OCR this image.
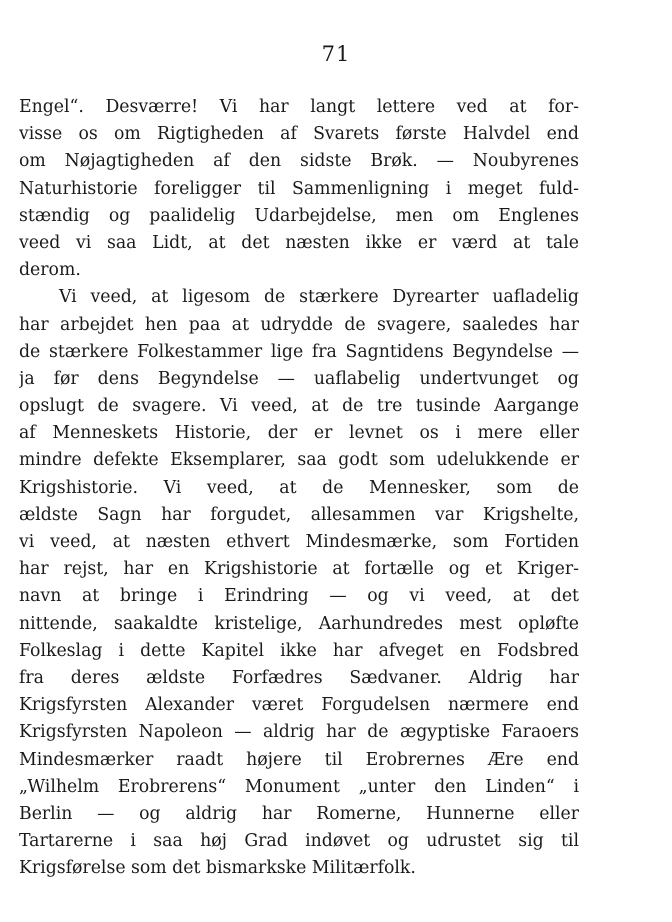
71
Engel“. Desværre! Vi har langt lettere ved at for-
visse os om Rigtigheden af Svarets første Halvdel end
om Nøjagtigheden af den sidste Brøk. — Noubyrenes
Naturhistorie foreligger til Sammenligning i meget fuld-
stændig og paalidelig Udarbejdelse, men om Englenes
veed vi saa Lidt, at det næsten ikke er værd at tale
derom.
Vi veed, at ligesom de stærkere Dyrearter uafladelig
har arbejdet hen paa at udrydde de svagere, saaledes har
de stærkere Folkestammer lige fra Sagntidens Begyndelse —
ja før dens Begyndelse — uaflabelig undertvunget og
opslugt de svagere. Vi veed, at de tre tusinde Aargange
af Menneskets Historie, der er levnet os i mere eller
mindre defekte Eksemplarer, saa godt som udelukkende er
Krigshistorie. Vi veed, at de Mennesker, som de
ældste Sagn har forgudet, allesammen var Krigshelte,
vi veed, at næsten ethvert Mindesmærke, som Fortiden
har rejst, har en Krigshistorie at fortælle og et Kriger-
navn at bringe i Erindring — og vi veed, at det
nittende, saakaldte kristelige, Aarhundredes mest opløfte
Folkeslag i dette Kapitel ikke har afveget en Fodsbred
fra deres ældste Forfædres Sædvaner. Aldrig har
Krigsfyrsten Alexander været Forgudelsen nærmere end
Krigsfyrsten Napoleon — aldrig har de ægyptiske Faraoers
Mindesmærker raadt højere til Erobrernes Ære end
„Wilhelm Erobrerens“ Monument „unter den Linden“ i
Berlin — og aldrig har Romerne, Hunnerne eller
Tartarerne i saa høj Grad indøvet og udrustet sig til
Krigsførelse som det bismarkske Militærfolk.
